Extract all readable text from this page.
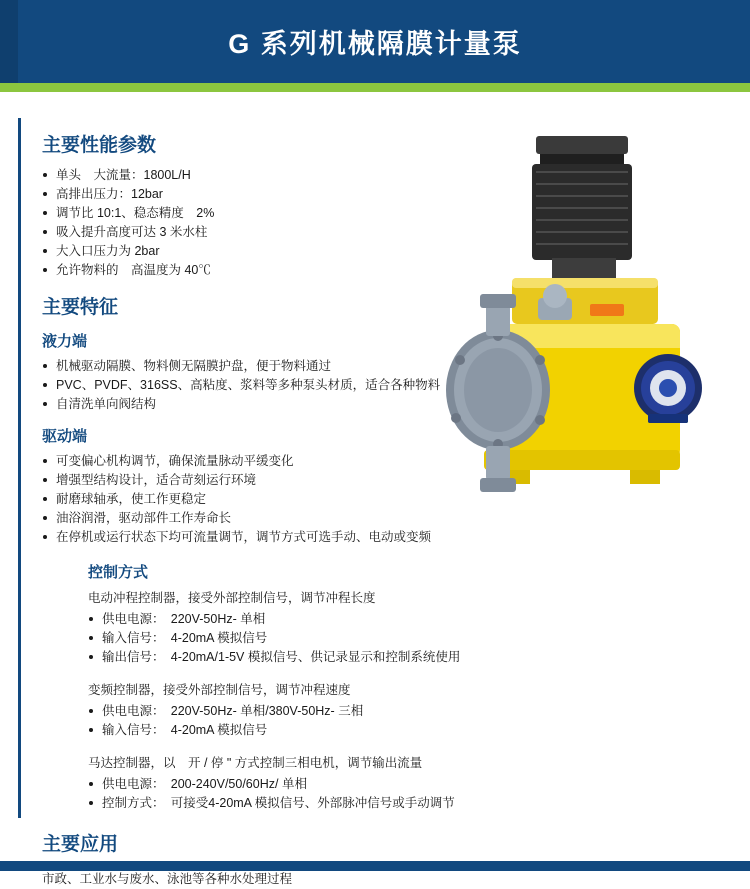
G 系列机械隔膜计量泵
主要性能参数
单头　大流量：1800L/H
高排出压力：12bar
调节比 10:1、稳态精度　2%
吸入提升高度可达 3 米水柱
大入口压力为 2bar
允许物料的　高温度为 40℃
主要特征
液力端
机械驱动隔膜、物料侧无隔膜护盘，便于物料通过
PVC、PVDF、316SS、高粘度、浆料等多种泵头材质，适合各种物料
自清洗单向阀结构
驱动端
可变偏心机构调节，确保流量脉动平缓变化
增强型结构设计，适合苛刻运行环境
耐磨球轴承，使工作更稳定
油浴润滑，驱动部件工作寿命长
在停机或运行状态下均可流量调节，调节方式可选手动、电动或变频
控制方式

电动冲程控制器，接受外部控制信号，调节冲程长度

供电电源：　220V-50Hz- 单相
输入信号：　4-20mA 模拟信号
输出信号：　4-20mA/1-5V 模拟信号、供记录显示和控制系统使用

变频控制器，接受外部控制信号，调节冲程速度

供电电源：　220V-50Hz- 单相/380V-50Hz- 三相
输入信号：　4-20mA 模拟信号

马达控制器，以　开 / 停 " 方式控制三相电机，调节输出流量

供电电源：　200-240V/50/60Hz/ 单相
控制方式：　可接受4-20mA 模拟信号、外部脉冲信号或手动调节
主要应用

市政、工业水与废水、泳池等各种水处理过程
